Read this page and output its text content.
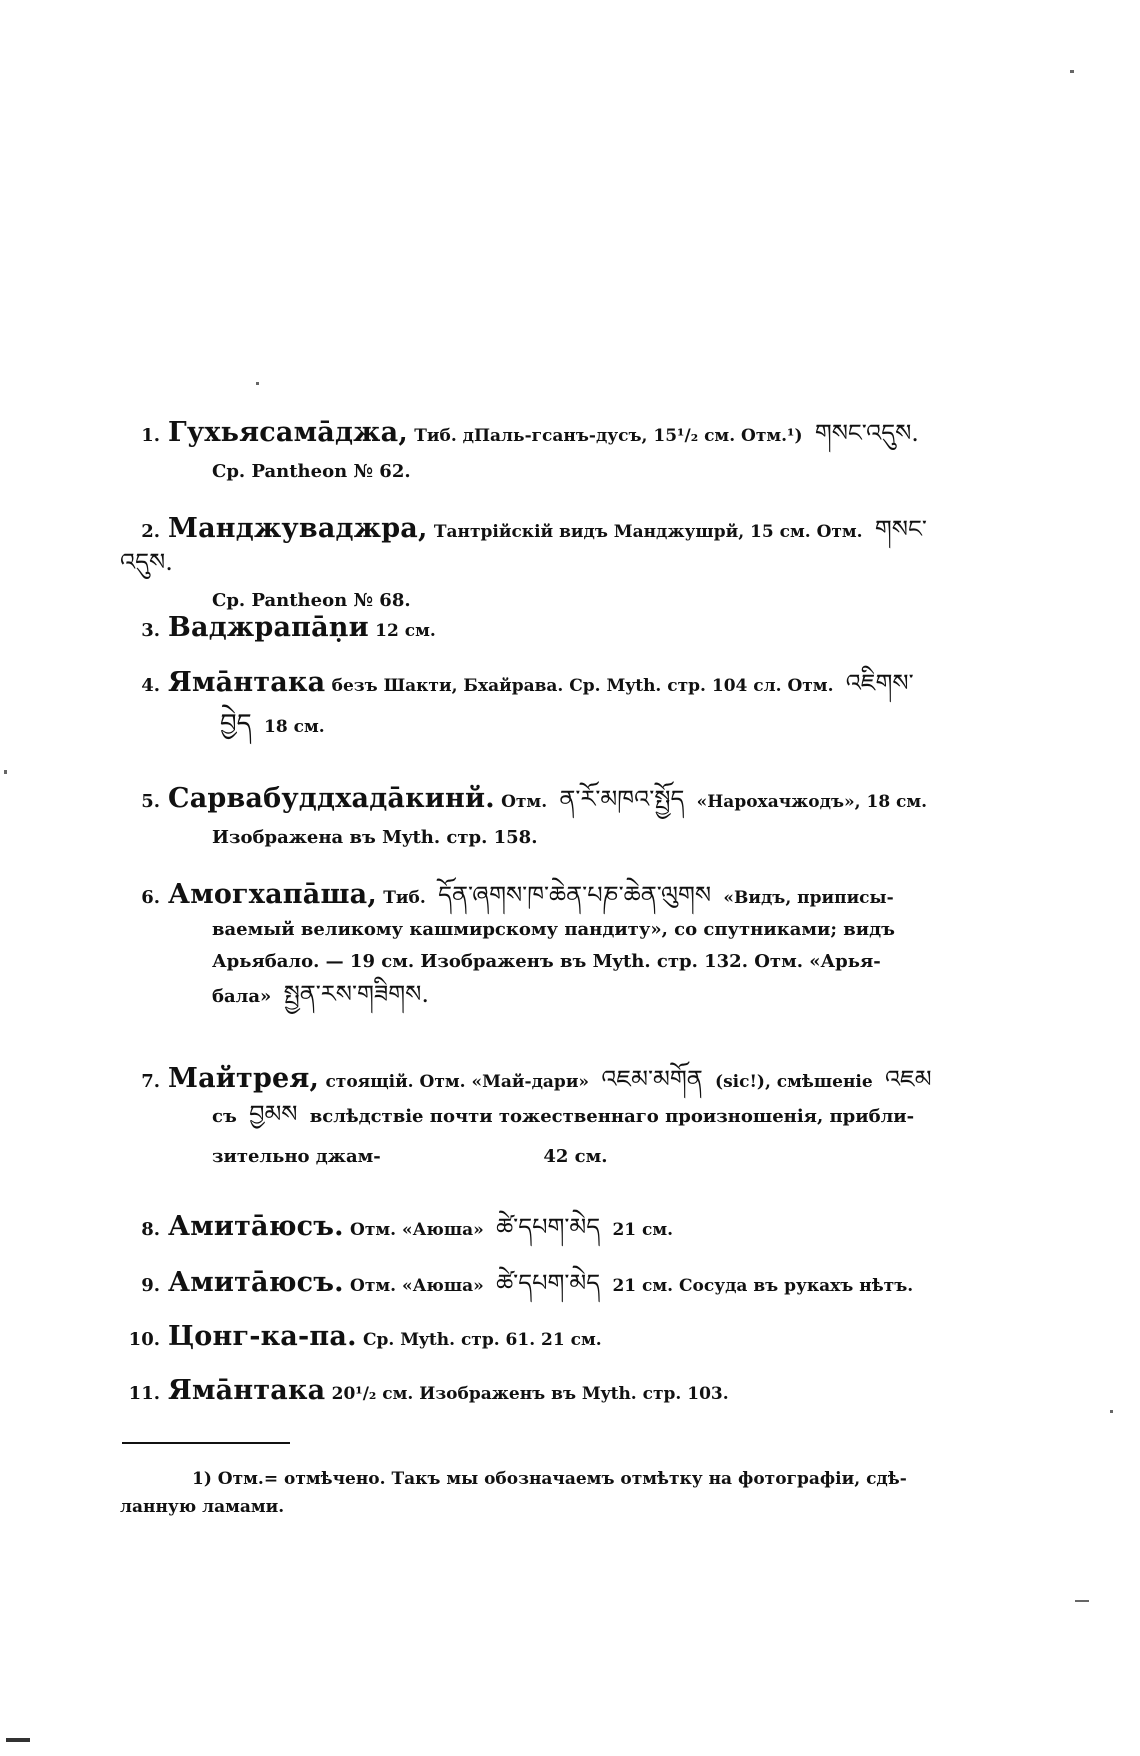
1. Гухьясамāджа, Тиб. дПаль-гсанъ-дусъ, 15¹/₂ см. Отм.¹) གསང་འདུས.
Ср. Pantheon № 62.
2. Манджуваджра, Тантрійскій видъ Манджушрй, 15 см. Отм. གསང་འདུས.
Ср. Pantheon № 68.
3. Ваджрапāṇи 12 см.
4. Ямāнтака безъ Шакти, Бхайрава. Ср. Myth. стр. 104 сл. Отм. འཇིགས་
བྱེད 18 см.
5. Сарвабуддхадāкинй. Отм. ན་རོ་མཁའ་སྤྱོད «Нарохачжодъ», 18 см.
Изображена въ Myth. стр. 158.
6. Амогхапāша, Тиб. དོན་ཞགས་ཁ་ཆེན་པཎ་ཆེན་ལུགས «Видъ, приписы-
ваемый великому кашмирскому пандиту», со спутниками; видъ
Арьябало. — 19 см. Изображенъ въ Myth. стр. 132. Отм. «Арья-
бала» སྤྱན་རས་གཟིགས.
7. Майтрея, стоящій. Отм. «Май-дари» འཇམ་མགོན (sic!), смѣшеніе འཇམ
съ བྱམས вслѣдствіе почти тожественнаго произношенія, прибли-
зительно джам-	42 см.
8. Амитāюсъ. Отм. «Аюша» ཚེ་དཔག་མེད 21 см.
9. Амитāюсъ. Отм. «Аюша» ཚེ་དཔག་མེད 21 см. Сосуда въ рукахъ нѣтъ.
10. Цонг-ка-па. Ср. Myth. стр. 61. 21 см.
11. Ямāнтака 20¹/₂ см. Изображенъ въ Myth. стр. 103.
1) Отм.= отмѣчено. Такъ мы обозначаемъ отмѣтку на фотографіи, сдѣ-
ланную ламами.
